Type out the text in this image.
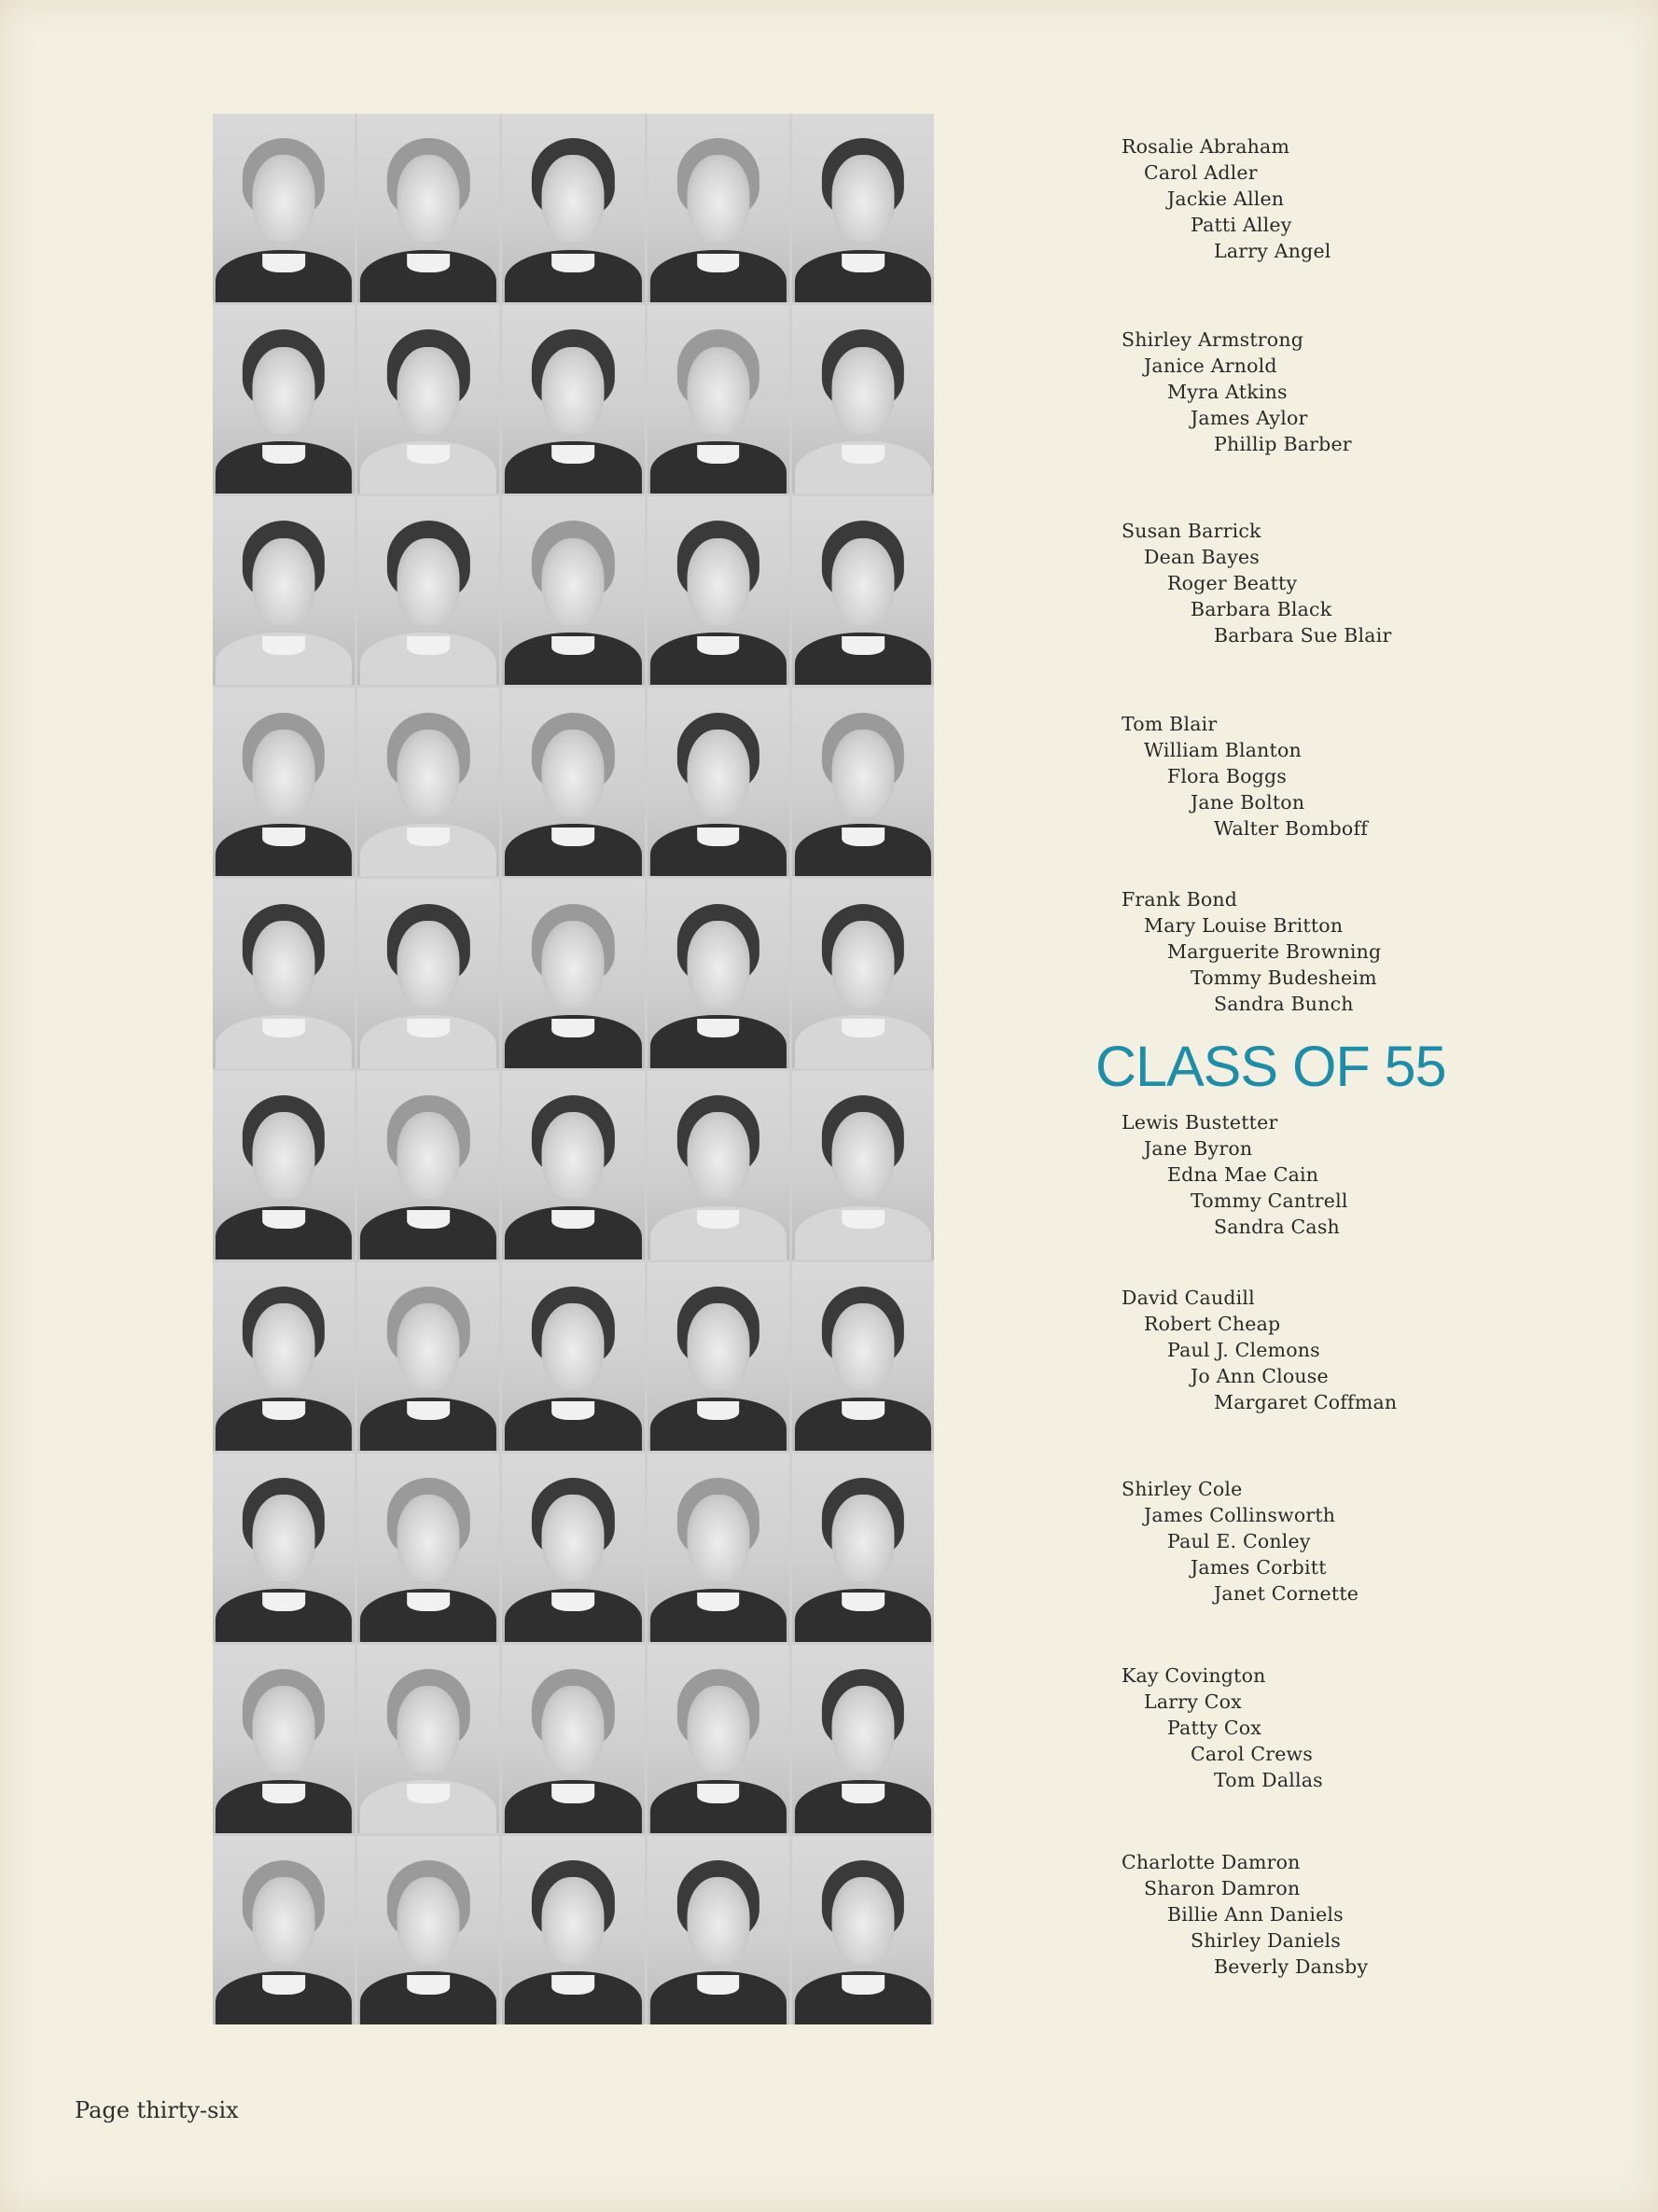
Rosalie Abraham
Carol Adler
Jackie Allen
Patti Alley
Larry Angel
Shirley Armstrong
Janice Arnold
Myra Atkins
James Aylor
Phillip Barber
Susan Barrick
Dean Bayes
Roger Beatty
Barbara Black
Barbara Sue Blair
Tom Blair
William Blanton
Flora Boggs
Jane Bolton
Walter Bomboff
Frank Bond
Mary Louise Britton
Marguerite Browning
Tommy Budesheim
Sandra Bunch
Lewis Bustetter
Jane Byron
Edna Mae Cain
Tommy Cantrell
Sandra Cash
David Caudill
Robert Cheap
Paul J. Clemons
Jo Ann Clouse
Margaret Coffman
Shirley Cole
James Collinsworth
Paul E. Conley
James Corbitt
Janet Cornette
Kay Covington
Larry Cox
Patty Cox
Carol Crews
Tom Dallas
Charlotte Damron
Sharon Damron
Billie Ann Daniels
Shirley Daniels
Beverly Dansby
CLASS OF 55
Page thirty-six
